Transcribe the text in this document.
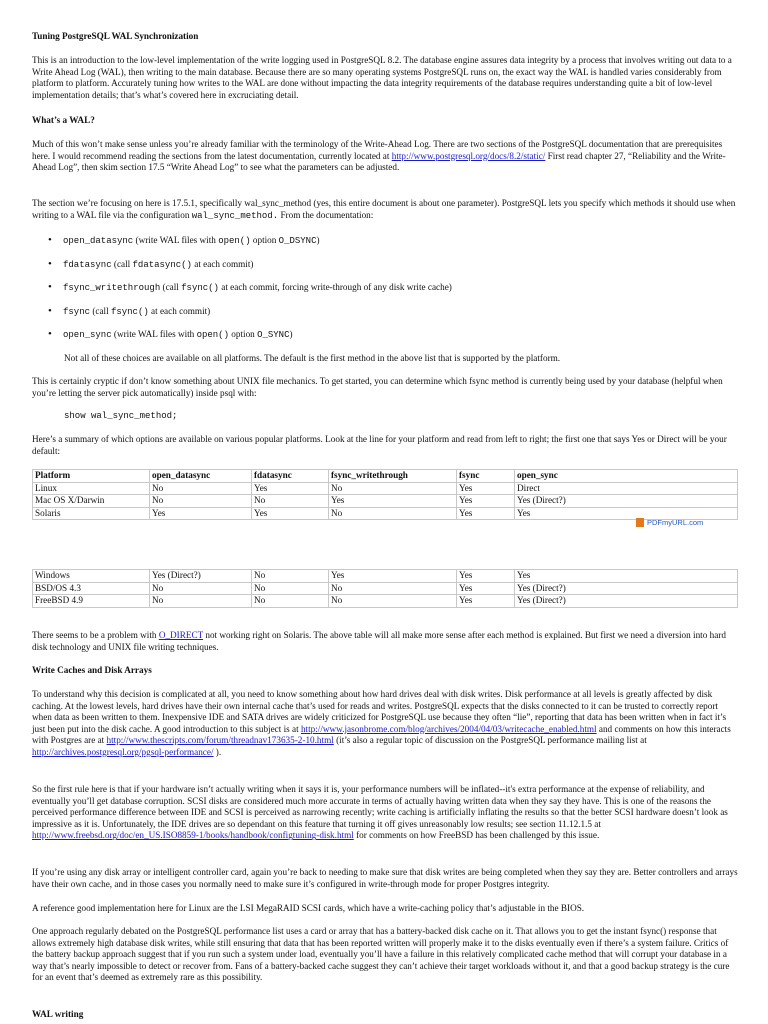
Tuning PostgreSQL WAL Synchronization

This is an introduction to the low-level implementation of the write logging used in PostgreSQL 8.2. The database engine assures data integrity by a process that involves writing out data to a Write Ahead Log (WAL), then writing to the main database. Because there are so many operating systems PostgreSQL runs on, the exact way the WAL is handled varies considerably from platform to platform. Accurately tuning how writes to the WAL are done without impacting the data integrity requirements of the database requires understanding quite a bit of low-level implementation details; that’s what’s covered here in excruciating detail.

What’s a WAL?

Much of this won’t make sense unless you’re already familiar with the terminology of the Write-Ahead Log. There are two sections of the PostgreSQL documentation that are prerequisites here. I would recommend reading the sections from the latest documentation, currently located at http://www.postgresql.org/docs/8.2/static/ First read chapter 27, “Reliability and the Write-Ahead Log”, then skim section 17.5 “Write Ahead Log” to see what the parameters can be adjusted.

The section we’re focusing on here is 17.5.1, specifically wal_sync_method (yes, this entire document is about one parameter). PostgreSQL lets you specify which methods it should use when writing to a WAL file via the configuration wal_sync_method. From the documentation:

• open_datasync (write WAL files with open() option O_DSYNC)
• fdatasync (call fdatasync() at each commit)
• fsync_writethrough (call fsync() at each commit, forcing write-through of any disk write cache)
• fsync (call fsync() at each commit)
• open_sync (write WAL files with open() option O_SYNC)

Not all of these choices are available on all platforms. The default is the first method in the above list that is supported by the platform.

This is certainly cryptic if don’t know something about UNIX file mechanics. To get started, you can determine which fsync method is currently being used by your database (helpful when you’re letting the server pick automatically) inside psql with:

show wal_sync_method;

Here’s a summary of which options are available on various popular platforms. Look at the line for your platform and read from left to right; the first one that says Yes or Direct will be your default:

Platform	open_datasync	fdatasync	fsync_writethrough	fsync	open_sync
Linux	No	Yes	No	Yes	Direct
Mac OS X/Darwin	No	No	Yes	Yes	Yes (Direct?)
Solaris	Yes	Yes	No	Yes	Yes
Windows	Yes (Direct?)	No	Yes	Yes	Yes
BSD/OS 4.3	No	No	No	Yes	Yes (Direct?)
FreeBSD 4.9	No	No	No	Yes	Yes (Direct?)

There seems to be a problem with O_DIRECT not working right on Solaris. The above table will all make more sense after each method is explained. But first we need a diversion into hard disk technology and UNIX file writing techniques.

Write Caches and Disk Arrays

To understand why this decision is complicated at all, you need to know something about how hard drives deal with disk writes. Disk performance at all levels is greatly affected by disk caching. At the lowest levels, hard drives have their own internal cache that’s used for reads and writes. PostgreSQL expects that the disks connected to it can be trusted to correctly report when data as been written to them. Inexpensive IDE and SATA drives are widely criticized for PostgreSQL use because they often “lie”, reporting that data has been written when in fact it’s just been put into the disk cache. A good introduction to this subject is at http://www.jasonbrome.com/blog/archives/2004/04/03/writecache_enabled.html and comments on how this interacts with Postgres are at http://www.thescripts.com/forum/threadnav173635-2-10.html (it’s also a regular topic of discussion on the PostgreSQL performance mailing list at http://archives.postgresql.org/pgsql-performance/ ).

So the first rule here is that if your hardware isn’t actually writing when it says it is, your performance numbers will be inflated--it's extra performance at the expense of reliability, and eventually you’ll get database corruption. SCSI disks are considered much more accurate in terms of actually having written data when they say they have. This is one of the reasons the perceived performance difference between IDE and SCSI is perceived as narrowing recently; write caching is artificially inflating the results so that the better SCSI hardware doesn’t look as impressive as it is. Unfortunately, the IDE drives are so dependant on this feature that turning it off gives unreasonably low results; see section 11.12.1.5 at http://www.freebsd.org/doc/en_US.ISO8859-1/books/handbook/configtuning-disk.html for comments on how FreeBSD has been challenged by this issue.

If you’re using any disk array or intelligent controller card, again you’re back to needing to make sure that disk writes are being completed when they say they are. Better controllers and arrays have their own cache, and in those cases you normally need to make sure it’s configured in write-through mode for proper Postgres integrity.

A reference good implementation here for Linux are the LSI MegaRAID SCSI cards, which have a write-caching policy that’s adjustable in the BIOS.

One approach regularly debated on the PostgreSQL performance list uses a card or array that has a battery-backed disk cache on it. That allows you to get the instant fsync() response that allows extremely high database disk writes, while still ensuring that data that has been reported written will properly make it to the disks eventually even if there’s a system failure. Critics of the battery backup approach suggest that if you run such a system under load, eventually you’ll have a failure in this relatively complicated cache method that will corrupt your database in a way that’s nearly impossible to detect or recover from. Fans of a battery-backed cache suggest they can’t achieve their target workloads without it, and that a good backup strategy is the cure for an event that’s deemed as extremely rare as this possibility.

WAL writing

PDFmyURL.com
